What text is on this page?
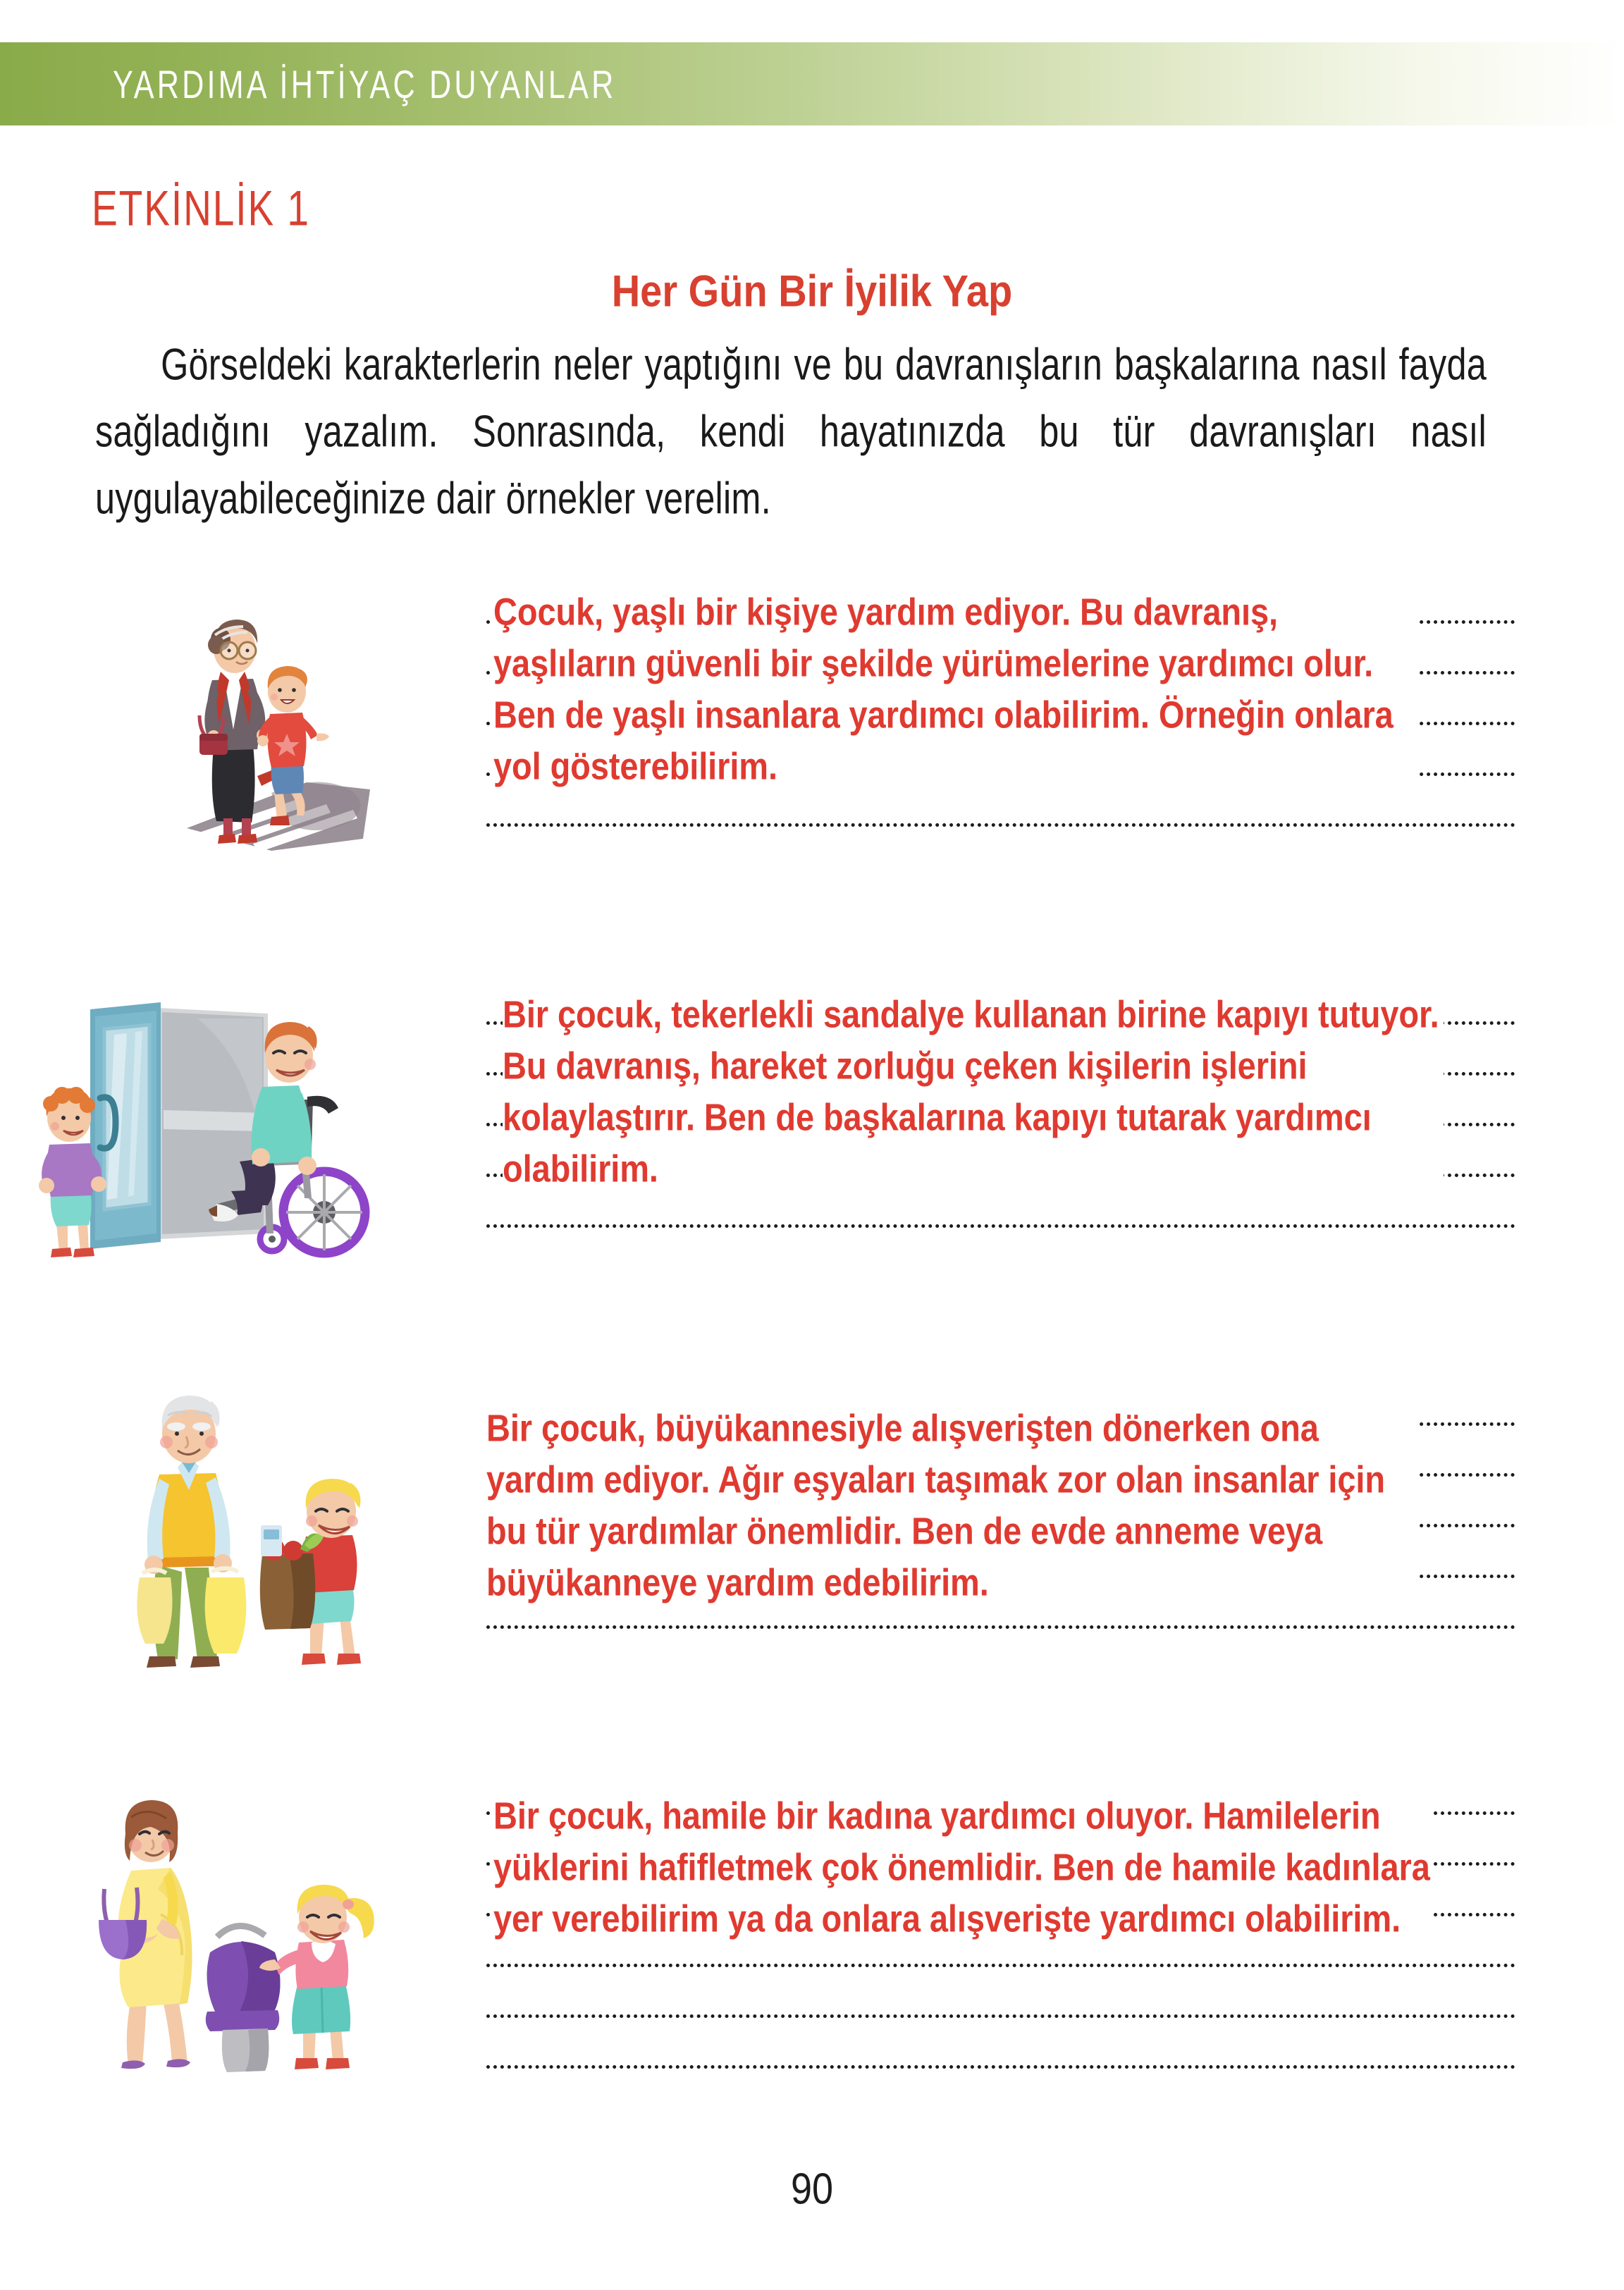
YARDIMA İHTİYAÇ DUYANLAR
ETKİNLİK 1
Her Gün Bir İyilik Yap
Görseldeki karakterlerin neler yaptığını ve bu davranışların başkalarına nasıl fayda sağladığını yazalım. Sonrasında, kendi hayatınızda bu tür davranışları nasıl uygulayabileceğinize dair örnekler verelim.
Çocuk, yaşlı bir kişiye yardım ediyor. Bu davranış, yaşlıların güvenli bir şekilde yürümelerine yardımcı olur. Ben de yaşlı insanlara yardımcı olabilirim. Örneğin onlara yol gösterebilirim.
Bir çocuk, tekerlekli sandalye kullanan birine kapıyı tutuyor. Bu davranış, hareket zorluğu çeken kişilerin işlerini kolaylaştırır. Ben de başkalarına kapıyı tutarak yardımcı olabilirim.
Bir çocuk, büyükannesiyle alışverişten dönerken ona yardım ediyor. Ağır eşyaları taşımak zor olan insanlar için bu tür yardımlar önemlidir. Ben de evde anneme veya büyükanneye yardım edebilirim.
Bir çocuk, hamile bir kadına yardımcı oluyor. Hamilelerin yüklerini hafifletmek çok önemlidir. Ben de hamile kadınlara yer verebilirim ya da onlara alışverişte yardımcı olabilirim.
90
